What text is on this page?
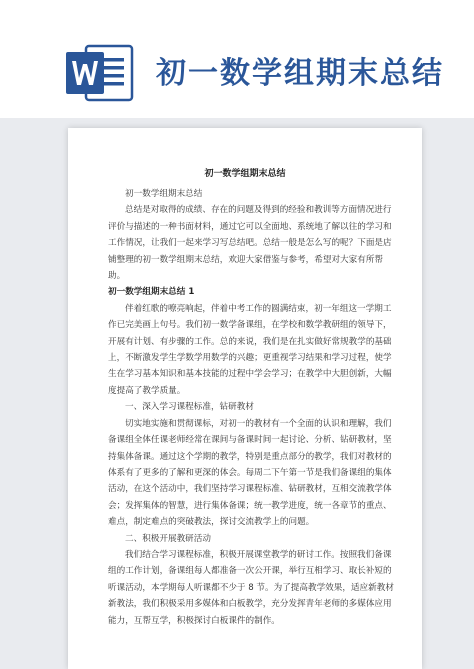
初一数学组期末总结
初一数学组期末总结

初一数学组期末总结

总结是对取得的成绩、存在的问题及得到的经验和教训等方面情况进行评价与描述的一种书面材料，通过它可以全面地、系统地了解以往的学习和工作情况，让我们一起来学习写总结吧。总结一般是怎么写的呢？下面是店铺整理的初一数学组期末总结，欢迎大家借鉴与参考，希望对大家有所帮助。

初一数学组期末总结 1

伴着红歌的嘹亮响起，伴着中考工作的圆满结束，初一年组这一学期工作已完美画上句号。我们初一数学备课组，在学校和数学教研组的领导下，开展有计划、有步骤的工作。总的来说，我们是在扎实做好常规教学的基础上，不断激发学生学数学用数学的兴趣；更重视学习结果和学习过程，使学生在学习基本知识和基本技能的过程中学会学习；在教学中大胆创新，大幅度提高了教学质量。

一、深入学习课程标准，钻研教材

切实地实施和贯彻课标，对初一的教材有一个全面的认识和理解，我们备课组全体任课老师经常在课间与备课时间一起讨论、分析、钻研教材，坚持集体备课。通过这个学期的教学，特别是重点部分的教学，我们对教材的体系有了更多的了解和更深的体会。每周二下午第一节是我们备课组的集体活动，在这个活动中，我们坚持学习课程标准、钻研教材，互相交流教学体会；发挥集体的智慧，进行集体备课；统一教学进度，统一各章节的重点、难点，制定难点的突破教法，探讨交流教学上的问题。

二、积极开展教研活动

我们结合学习课程标准，积极开展课堂教学的研讨工作。按照我们备课组的工作计划，备课组每人都准备一次公开课，举行互相学习、取长补短的听课活动，本学期每人听课都不少于 8 节。为了提高教学效果，适应新教材新教法，我们积极采用多媒体和白板教学，充分发挥青年老师的多媒体应用能力，互帮互学，积极探讨白板课件的制作。
